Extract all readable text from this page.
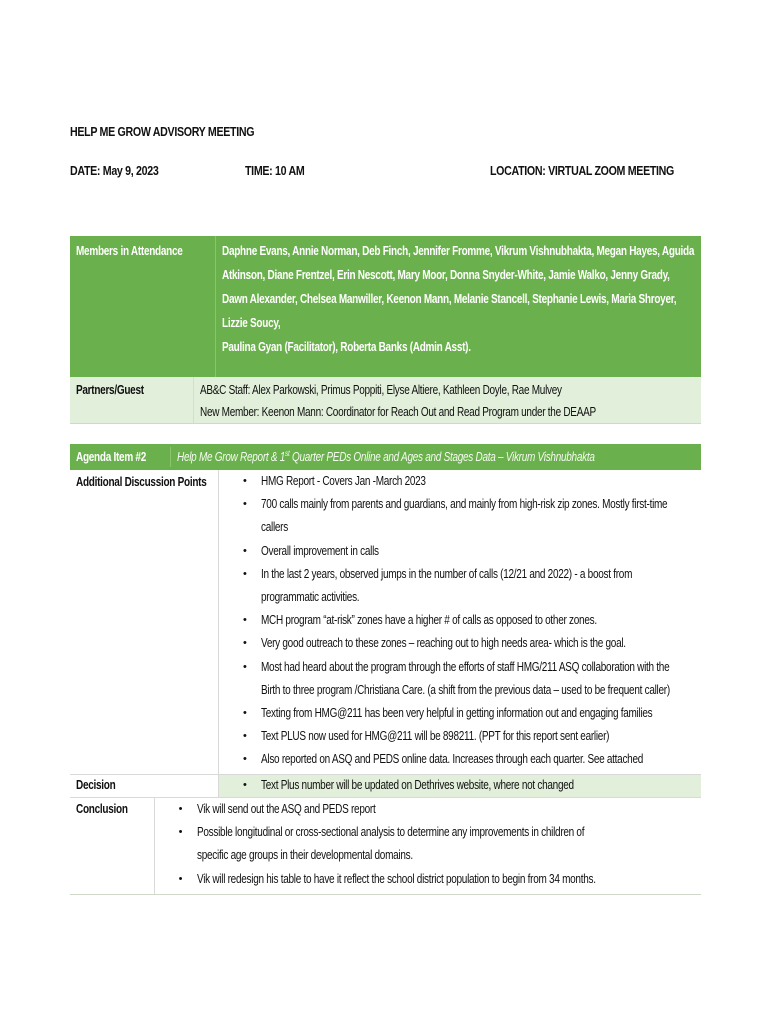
HELP ME GROW ADVISORY MEETING
DATE: May 9, 2023	TIME: 10 AM	LOCATION: VIRTUAL ZOOM MEETING
Members in Attendance	Daphne Evans, Annie Norman, Deb Finch, Jennifer Fromme, Vikrum Vishnubhakta, Megan Hayes, Aguida
Atkinson, Diane Frentzel, Erin Nescott, Mary Moor, Donna Snyder-White, Jamie Walko, Jenny Grady,
Dawn Alexander, Chelsea Manwiller, Keenon Mann, Melanie Stancell, Stephanie Lewis, Maria Shroyer,
Lizzie Soucy,
Paulina Gyan (Facilitator), Roberta Banks (Admin Asst).
Partners/Guest	AB&C Staff: Alex Parkowski, Primus Poppiti, Elyse Altiere, Kathleen Doyle, Rae Mulvey
New Member: Keenon Mann: Coordinator for Reach Out and Read Program under the DEAAP
Agenda Item #2	Help Me Grow Report & 1st Quarter PEDs Online and Ages and Stages Data – Vikrum Vishnubhakta
Additional Discussion Points	• HMG Report - Covers Jan -March 2023
• 700 calls mainly from parents and guardians, and mainly from high-risk zip zones. Mostly first-time
callers
• Overall improvement in calls
• In the last 2 years, observed jumps in the number of calls (12/21 and 2022) - a boost from
programmatic activities.
• MCH program “at-risk” zones have a higher # of calls as opposed to other zones.
• Very good outreach to these zones – reaching out to high needs area- which is the goal.
• Most had heard about the program through the efforts of staff HMG/211 ASQ collaboration with the
Birth to three program /Christiana Care. (a shift from the previous data – used to be frequent caller)
• Texting from HMG@211 has been very helpful in getting information out and engaging families
• Text PLUS now used for HMG@211 will be 898211. (PPT for this report sent earlier)
• Also reported on ASQ and PEDS online data. Increases through each quarter. See attached
Decision	• Text Plus number will be updated on Dethrives website, where not changed
Conclusion	• Vik will send out the ASQ and PEDS report
• Possible longitudinal or cross-sectional analysis to determine any improvements in children of
specific age groups in their developmental domains.
• Vik will redesign his table to have it reflect the school district population to begin from 34 months.
